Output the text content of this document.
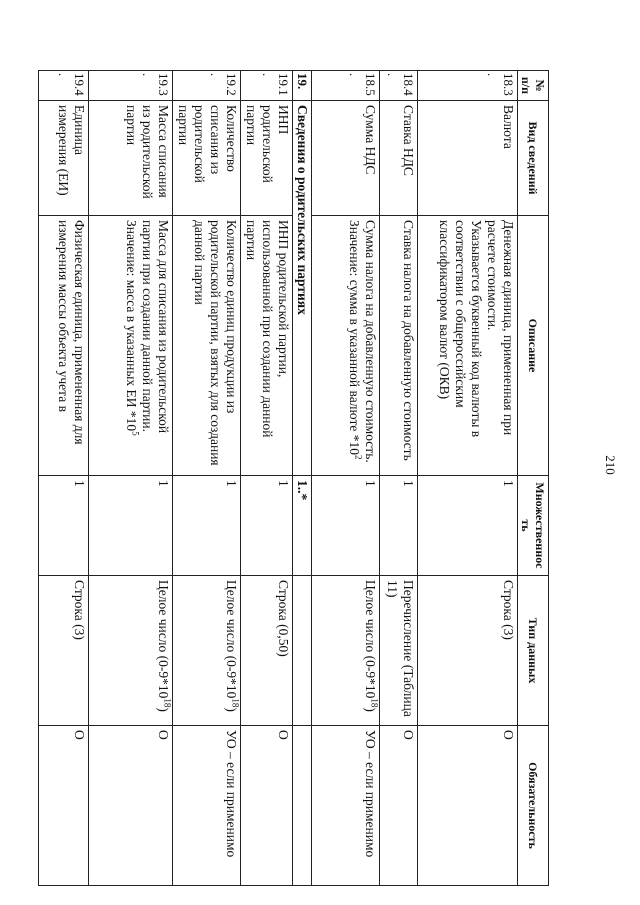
210
№ п/п	Вид сведений	Описание	Множественность	Тип данных	Обязательность
18.3.	Валюта	Денежная единица, примененная при расчете стоимости.
Указывается буквенный код валюты в соответствии с общероссийским классификатором валют (ОКВ)	1	Строка (3)	О
18.4.	Ставка НДС	Ставка налога на добавленную стоимость	1	Перечисление (Таблица 11)	О
18.5.	Сумма НДС	Сумма налога на добавленную стоимость.
Значение: сумма в указанной валюте $*10^2$	1	Целое число $(0-9*10^{18})$	УО – если применимо
19.	Сведения о родительских партиях		1..*		
19.1.	ИНП родительской партии	ИНП родительской партии, использованной при создании данной партии	1	Строка (0,50)	О
19.2.	Количество списания из родительской партии	Количество единиц продукции из родительской партии, взятых для создания данной партии	1	Целое число $(0-9*10^{18})$	УО – если применимо
19.3.	Масса списания из родительской партии	Масса для списания из родительской партии при создании данной партии.
Значение: масса в указанных ЕИ $*10^5$	1	Целое число $(0-9*10^{18})$	О
19.4.	Единица измерения (ЕИ)	Физическая единица, примененная для измерения массы объекта учета в	1	Строка (3)	О
